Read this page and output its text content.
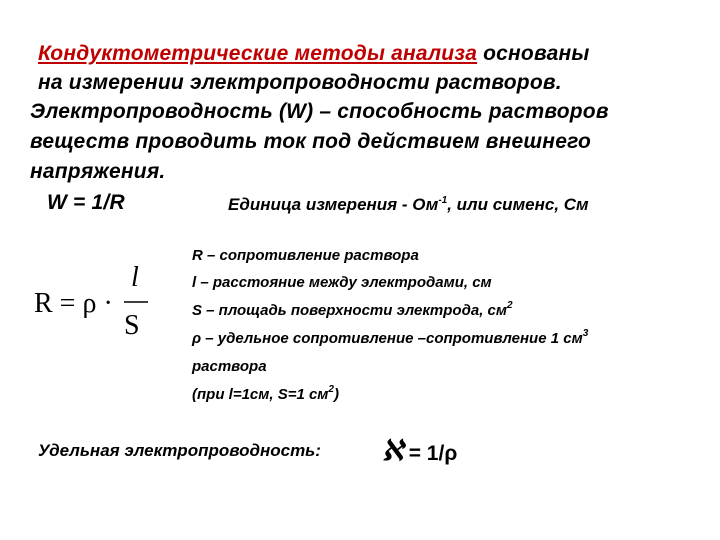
Кондуктометрические методы анализа основаны
на измерении электропроводности растворов.
Электропроводность (W) – способность растворов
веществ проводить ток под действием внешнего
напряжения.
W = 1/R	Единица измерения - $Ом^{-1}$, или сименс, См
R = ρ ·
l
S
R – сопротивление раствора
l – расстояние между электродами, см
S – площадь поверхности электрода, $см^2$
ρ – удельное сопротивление –сопротивление 1 $см^3$
раствора
(при l=1см, S=1 $см^2$)
Удельная электропроводность: ℵ = 1/ρ
